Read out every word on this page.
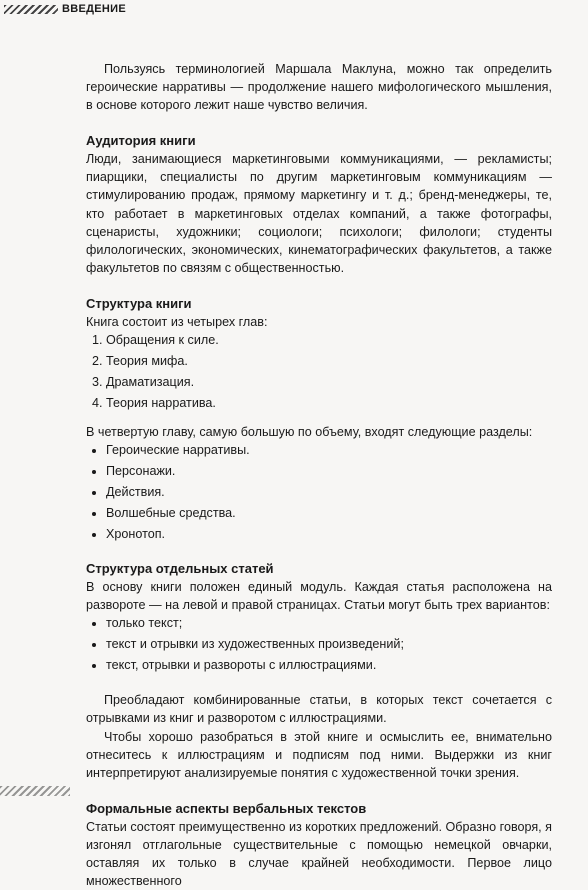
ВВЕДЕНИЕ

Пользуясь терминологией Маршала Маклуна, можно так определить героические нарративы — продолжение нашего мифологического мышления, в основе которого лежит наше чувство величия.

Аудитория книги

Люди, занимающиеся маркетинговыми коммуникациями, — рекламисты; пиарщики, специалисты по другим маркетинговым коммуникациям — стимулированию продаж, прямому маркетингу и т. д.; бренд-менеджеры, те, кто работает в маркетинговых отделах компаний, а также фотографы, сценаристы, художники; социологи; психологи; филологи; студенты филологических, экономических, кинематографических факультетов, а также факультетов по связям с общественностью.

Структура книги

Книга состоит из четырех глав:

1. Обращения к силе.
2. Теория мифа.
3. Драматизация.
4. Теория нарратива.

В четвертую главу, самую большую по объему, входят следующие разделы:

• Героические нарративы.
• Персонажи.
• Действия.
• Волшебные средства.
• Хронотоп.
Структура отдельных статей

В основу книги положен единый модуль. Каждая статья расположена на развороте — на левой и правой страницах. Статьи могут быть трех вариантов:

• только текст;
• текст и отрывки из художественных произведений;
• текст, отрывки и развороты с иллюстрациями.

Преобладают комбинированные статьи, в которых текст сочетается с отрывками из книг и разворотом с иллюстрациями.

Чтобы хорошо разобраться в этой книге и осмыслить ее, внимательно отнеситесь к иллюстрациям и подписям под ними. Выдержки из книг интерпретируют анализируемые понятия с художественной точки зрения.

Формальные аспекты вербальных текстов

Статьи состоят преимущественно из коротких предложений. Образно говоря, я изгонял отглагольные существительные с помощью немецкой овчарки, оставляя их только в случае крайней необходимости. Первое лицо множественного
